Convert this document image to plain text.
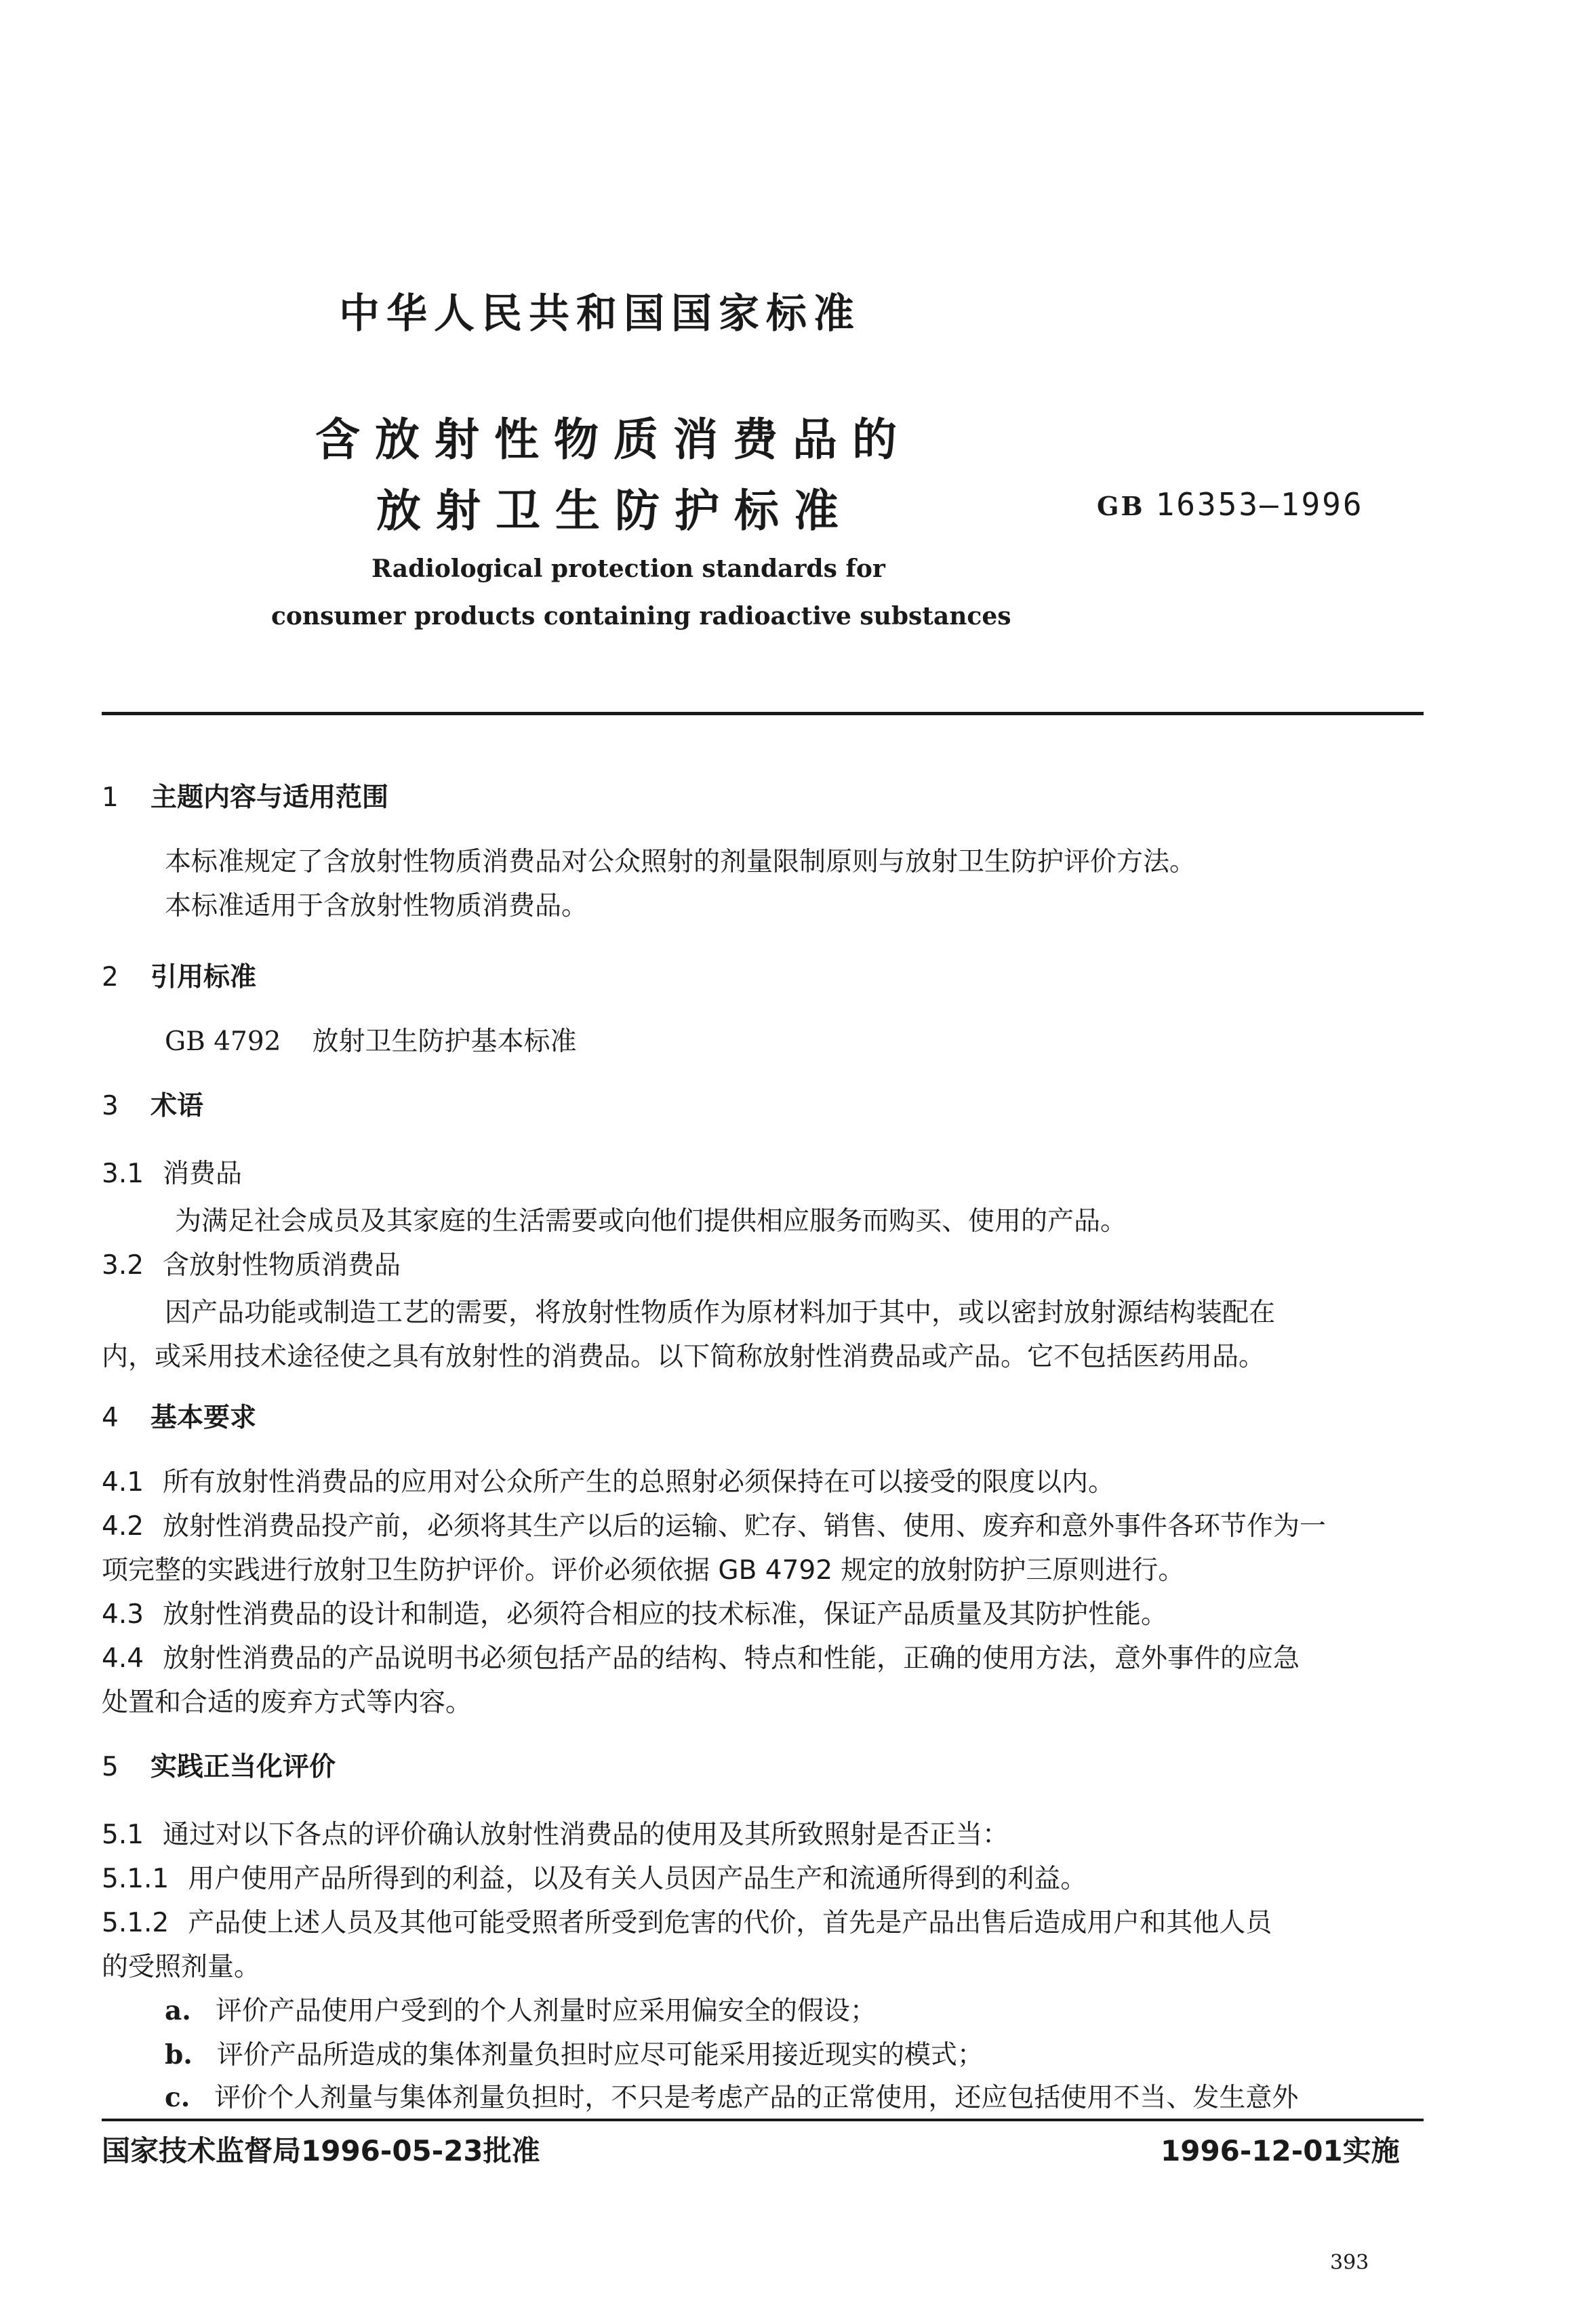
中华人民共和国国家标准
含放射性物质消费品的
放射卫生防护标准	GB 16353—1996
Radiological protection standards for
consumer products containing radioactive substances
1 主题内容与适用范围
本标准规定了含放射性物质消费品对公众照射的剂量限制原则与放射卫生防护评价方法。
本标准适用于含放射性物质消费品。
2 引用标准
GB 4792 放射卫生防护基本标准
3 术语
3.1 消费品
为满足社会成员及其家庭的生活需要或向他们提供相应服务而购买、使用的产品。
3.2 含放射性物质消费品
因产品功能或制造工艺的需要，将放射性物质作为原材料加于其中，或以密封放射源结构装配在
内，或采用技术途径使之具有放射性的消费品。以下简称放射性消费品或产品。它不包括医药用品。
4 基本要求
4.1 所有放射性消费品的应用对公众所产生的总照射必须保持在可以接受的限度以内。
4.2 放射性消费品投产前，必须将其生产以后的运输、贮存、销售、使用、废弃和意外事件各环节作为一
项完整的实践进行放射卫生防护评价。评价必须依据 GB 4792 规定的放射防护三原则进行。
4.3 放射性消费品的设计和制造，必须符合相应的技术标准，保证产品质量及其防护性能。
4.4 放射性消费品的产品说明书必须包括产品的结构、特点和性能，正确的使用方法，意外事件的应急
处置和合适的废弃方式等内容。
5 实践正当化评价
5.1 通过对以下各点的评价确认放射性消费品的使用及其所致照射是否正当：
5.1.1 用户使用产品所得到的利益，以及有关人员因产品生产和流通所得到的利益。
5.1.2 产品使上述人员及其他可能受照者所受到危害的代价，首先是产品出售后造成用户和其他人员
的受照剂量。
a. 评价产品使用户受到的个人剂量时应采用偏安全的假设；
b. 评价产品所造成的集体剂量负担时应尽可能采用接近现实的模式；
c. 评价个人剂量与集体剂量负担时，不只是考虑产品的正常使用，还应包括使用不当、发生意外
国家技术监督局1996-05-23批准	1996-12-01实施
393
